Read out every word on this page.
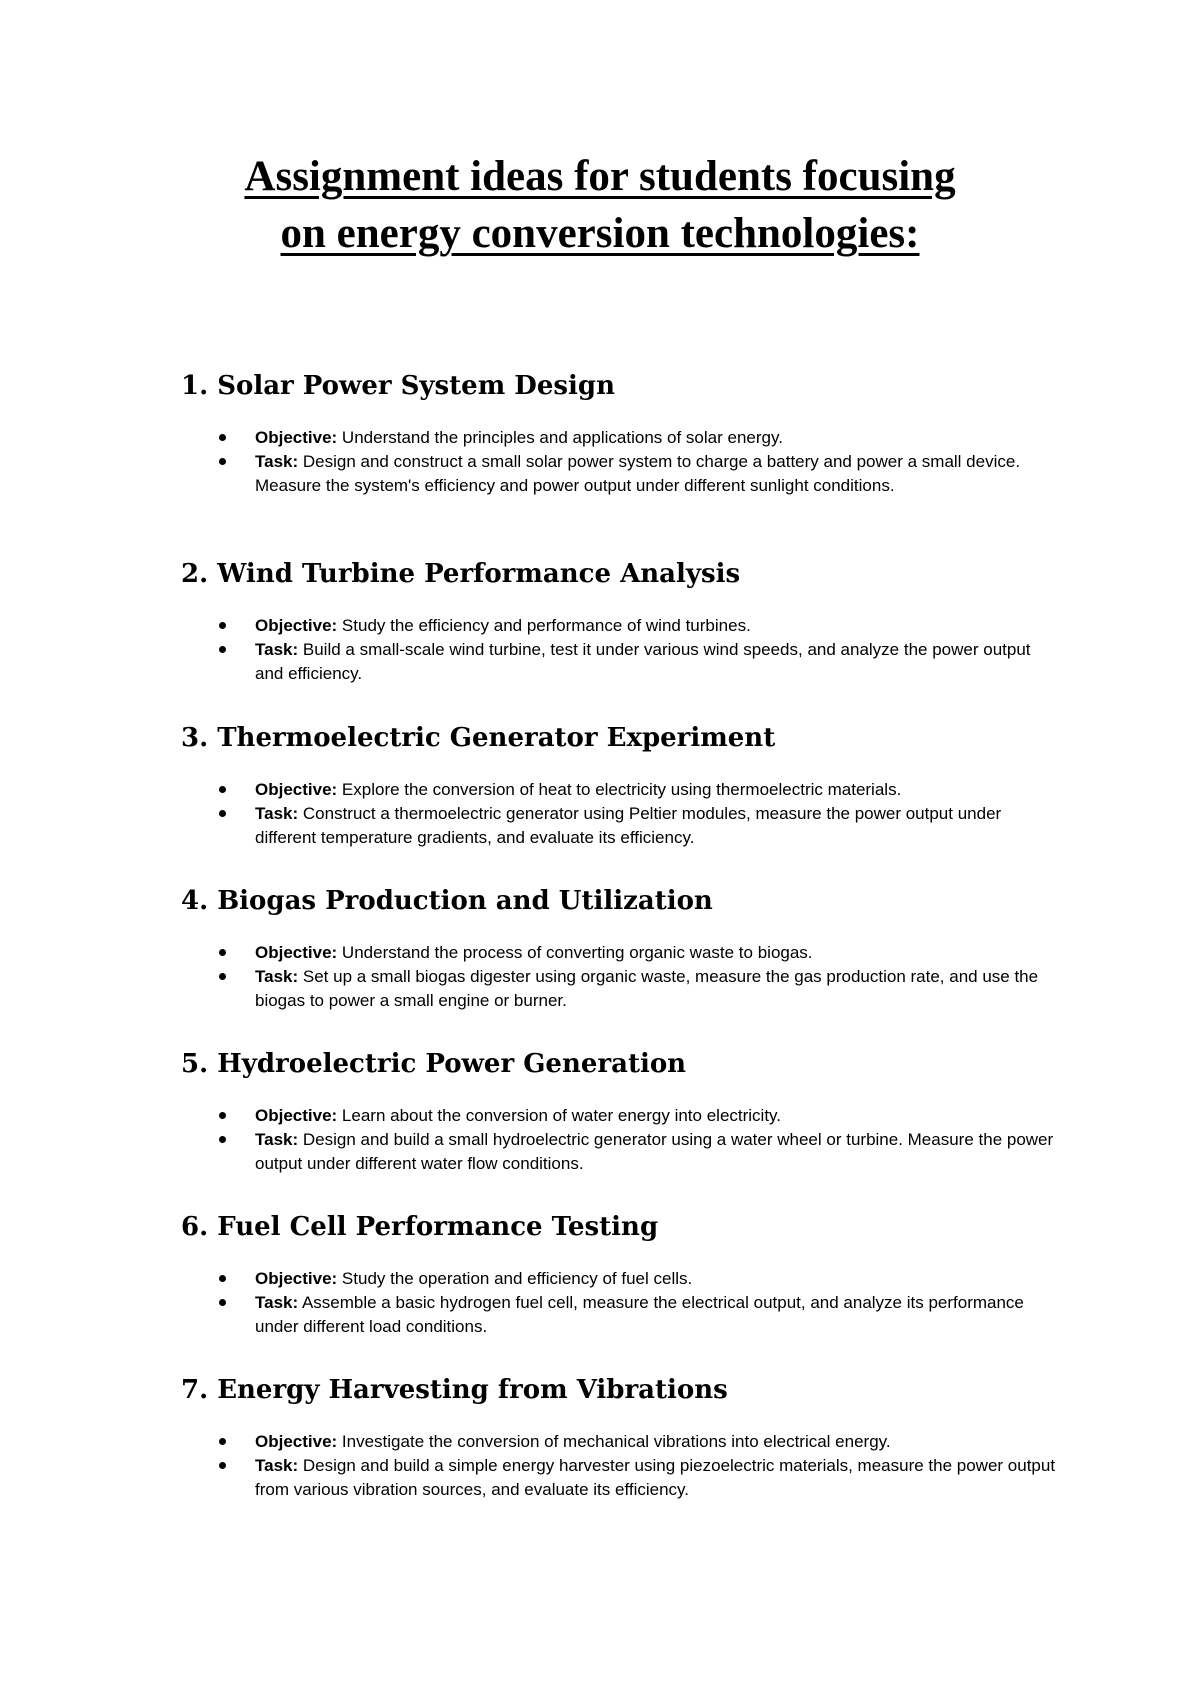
Assignment ideas for students focusing
on energy conversion technologies:
1. Solar Power System Design
Objective: Understand the principles and applications of solar energy.
Task: Design and construct a small solar power system to charge a battery and power a small device. Measure the system's efficiency and power output under different sunlight conditions.
2. Wind Turbine Performance Analysis
Objective: Study the efficiency and performance of wind turbines.
Task: Build a small-scale wind turbine, test it under various wind speeds, and analyze the power output and efficiency.
3. Thermoelectric Generator Experiment
Objective: Explore the conversion of heat to electricity using thermoelectric materials.
Task: Construct a thermoelectric generator using Peltier modules, measure the power output under different temperature gradients, and evaluate its efficiency.
4. Biogas Production and Utilization
Objective: Understand the process of converting organic waste to biogas.
Task: Set up a small biogas digester using organic waste, measure the gas production rate, and use the biogas to power a small engine or burner.
5. Hydroelectric Power Generation
Objective: Learn about the conversion of water energy into electricity.
Task: Design and build a small hydroelectric generator using a water wheel or turbine. Measure the power output under different water flow conditions.
6. Fuel Cell Performance Testing
Objective: Study the operation and efficiency of fuel cells.
Task: Assemble a basic hydrogen fuel cell, measure the electrical output, and analyze its performance under different load conditions.
7. Energy Harvesting from Vibrations
Objective: Investigate the conversion of mechanical vibrations into electrical energy.
Task: Design and build a simple energy harvester using piezoelectric materials, measure the power output from various vibration sources, and evaluate its efficiency.
